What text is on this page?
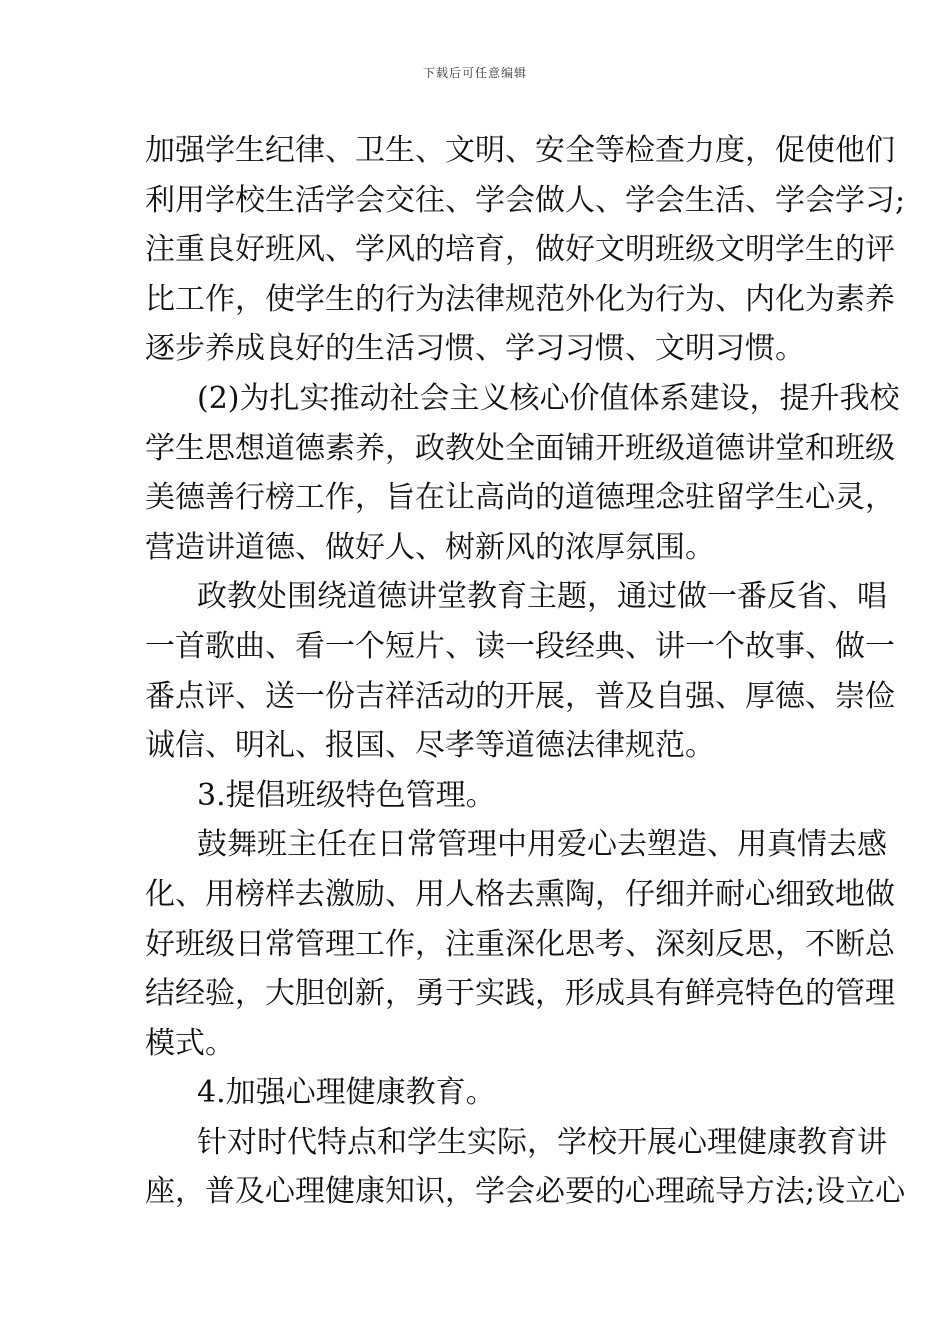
下载后可任意编辑
加强学生纪律、卫生、文明、安全等检查力度，促使他们
利用学校生活学会交往、学会做人、学会生活、学会学习;
注重良好班风、学风的培育，做好文明班级文明学生的评
比工作，使学生的行为法律规范外化为行为、内化为素养
逐步养成良好的生活习惯、学习习惯、文明习惯。
(2)为扎实推动社会主义核心价值体系建设，提升我校
学生思想道德素养，政教处全面铺开班级道德讲堂和班级
美德善行榜工作，旨在让高尚的道德理念驻留学生心灵，
营造讲道德、做好人、树新风的浓厚氛围。
政教处围绕道德讲堂教育主题，通过做一番反省、唱
一首歌曲、看一个短片、读一段经典、讲一个故事、做一
番点评、送一份吉祥活动的开展，普及自强、厚德、崇俭
诚信、明礼、报国、尽孝等道德法律规范。
3.提倡班级特色管理。
鼓舞班主任在日常管理中用爱心去塑造、用真情去感
化、用榜样去激励、用人格去熏陶，仔细并耐心细致地做
好班级日常管理工作，注重深化思考、深刻反思，不断总
结经验，大胆创新，勇于实践，形成具有鲜亮特色的管理
模式。
4.加强心理健康教育。
针对时代特点和学生实际，学校开展心理健康教育讲
座，普及心理健康知识，学会必要的心理疏导方法;设立心
